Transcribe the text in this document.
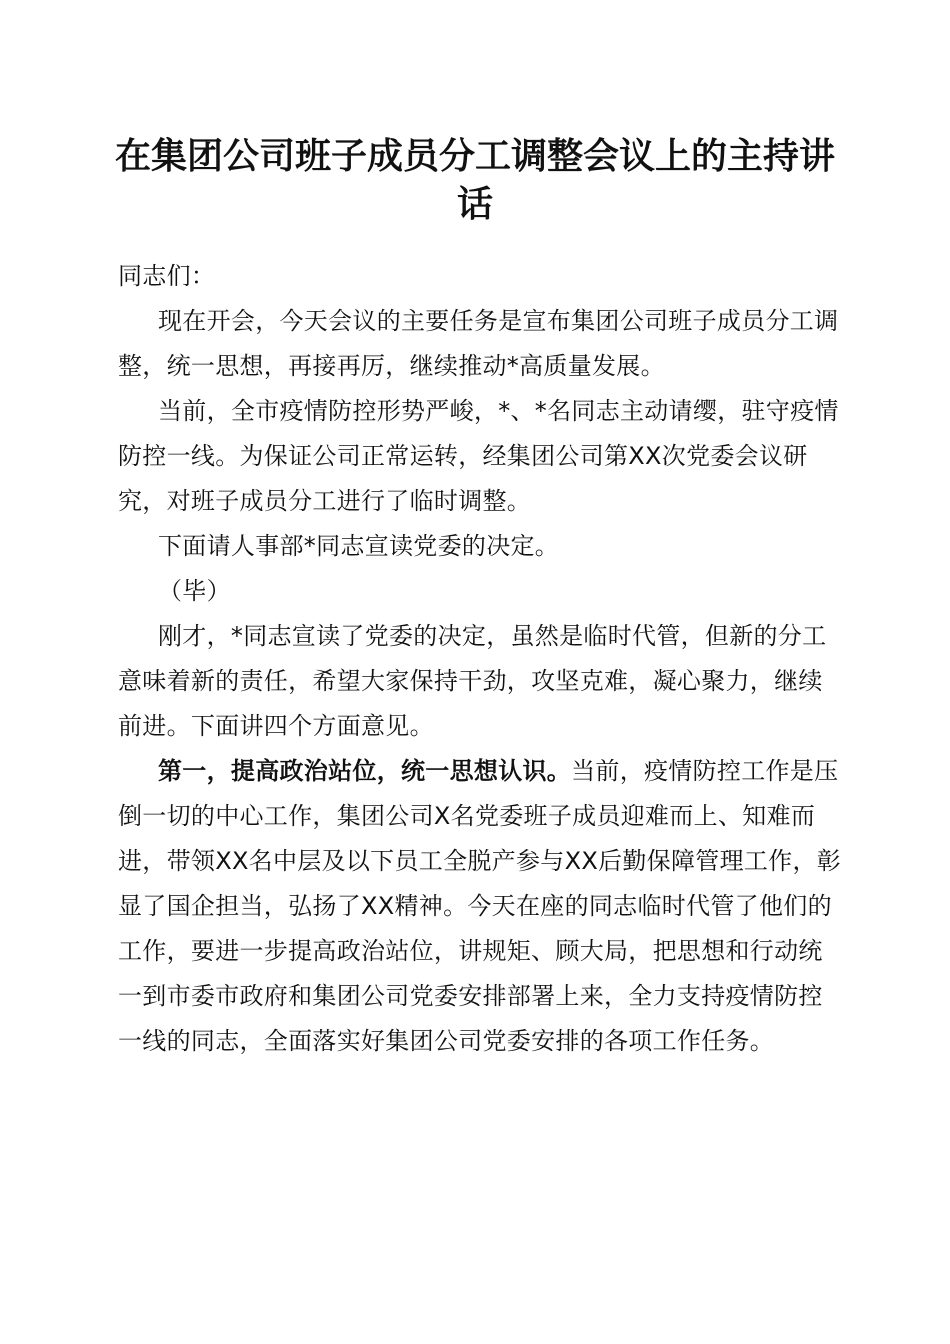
在集团公司班子成员分工调整会议上的主持讲话

同志们：

现在开会，今天会议的主要任务是宣布集团公司班子成员分工调整，统一思想，再接再厉，继续推动*高质量发展。

当前，全市疫情防控形势严峻，*、*名同志主动请缨，驻守疫情防控一线。为保证公司正常运转，经集团公司第XX次党委会议研究，对班子成员分工进行了临时调整。

下面请人事部*同志宣读党委的决定。

（毕）

刚才，*同志宣读了党委的决定，虽然是临时代管，但新的分工意味着新的责任，希望大家保持干劲，攻坚克难，凝心聚力，继续前进。下面讲四个方面意见。

第一，提高政治站位，统一思想认识。当前，疫情防控工作是压倒一切的中心工作，集团公司X名党委班子成员迎难而上、知难而进，带领XX名中层及以下员工全脱产参与XX后勤保障管理工作，彰显了国企担当，弘扬了XX精神。今天在座的同志临时代管了他们的工作，要进一步提高政治站位，讲规矩、顾大局，把思想和行动统一到市委市政府和集团公司党委安排部署上来，全力支持疫情防控一线的同志，全面落实好集团公司党委安排的各项工作任务。
